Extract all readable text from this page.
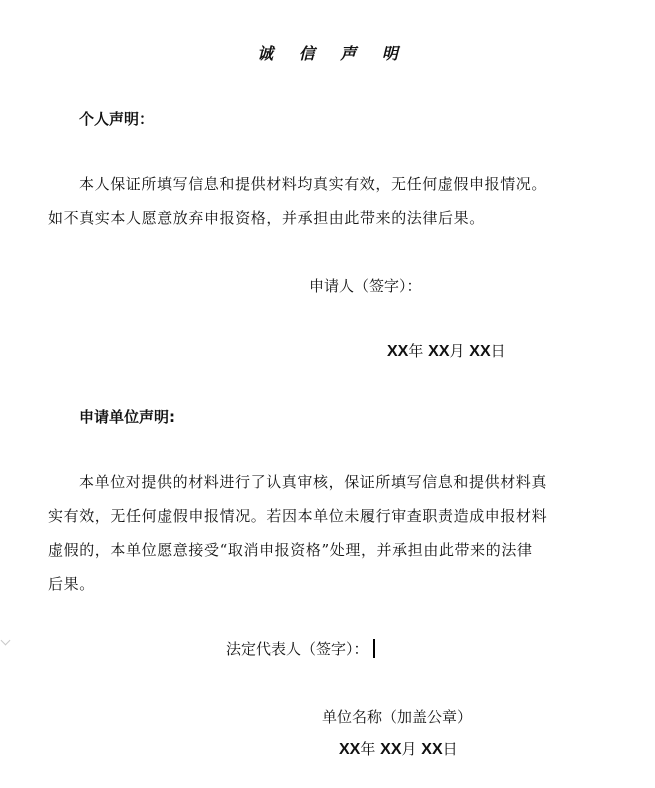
诚 信 声 明
个人声明：
本人保证所填写信息和提供材料均真实有效，无任何虚假申报情况。
如不真实本人愿意放弃申报资格，并承担由此带来的法律后果。
申请人（签字）：
XX年 XX月 XX日
申请单位声明:
本单位对提供的材料进行了认真审核，保证所填写信息和提供材料真
实有效，无任何虚假申报情况。若因本单位未履行审查职责造成申报材料
虚假的，本单位愿意接受“取消申报资格”处理，并承担由此带来的法律
后果。
法定代表人（签字）：
单位名称（加盖公章）
XX年 XX月 XX日
